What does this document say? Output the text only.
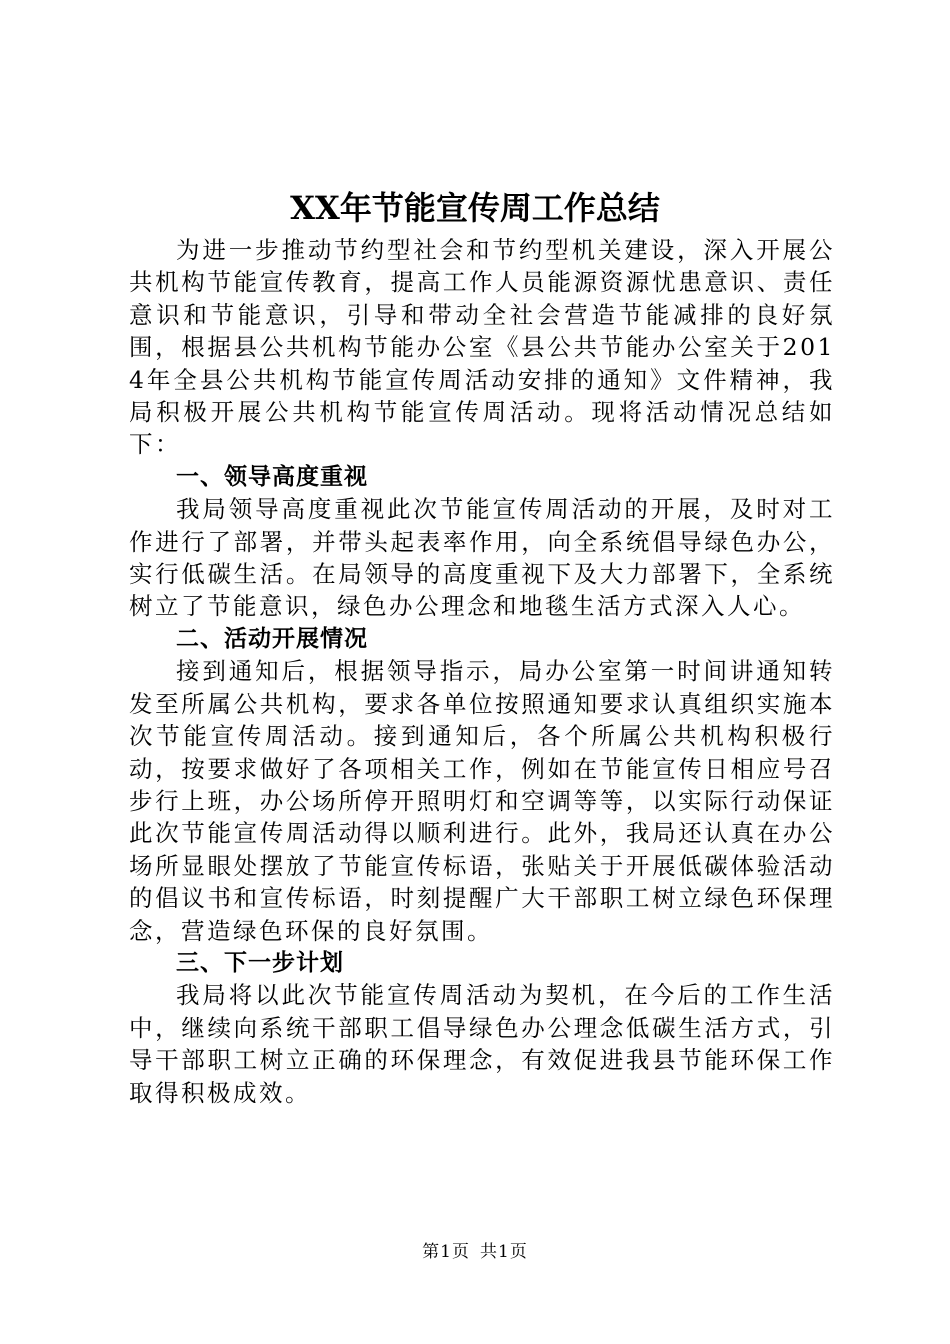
XX年节能宣传周工作总结

为进一步推动节约型社会和节约型机关建设，深入开展公共机构节能宣传教育，提高工作人员能源资源忧患意识、责任意识和节能意识，引导和带动全社会营造节能减排的良好氛围，根据县公共机构节能办公室《县公共节能办公室关于2014年全县公共机构节能宣传周活动安排的通知》文件精神，我局积极开展公共机构节能宣传周活动。现将活动情况总结如下：

一、领导高度重视

我局领导高度重视此次节能宣传周活动的开展，及时对工作进行了部署，并带头起表率作用，向全系统倡导绿色办公，实行低碳生活。在局领导的高度重视下及大力部署下，全系统树立了节能意识，绿色办公理念和地毯生活方式深入人心。

二、活动开展情况

接到通知后，根据领导指示，局办公室第一时间讲通知转发至所属公共机构，要求各单位按照通知要求认真组织实施本次节能宣传周活动。接到通知后，各个所属公共机构积极行动，按要求做好了各项相关工作，例如在节能宣传日相应号召步行上班，办公场所停开照明灯和空调等等，以实际行动保证此次节能宣传周活动得以顺利进行。此外，我局还认真在办公场所显眼处摆放了节能宣传标语，张贴关于开展低碳体验活动的倡议书和宣传标语，时刻提醒广大干部职工树立绿色环保理念，营造绿色环保的良好氛围。

三、下一步计划

我局将以此次节能宣传周活动为契机，在今后的工作生活中，继续向系统干部职工倡导绿色办公理念低碳生活方式，引导干部职工树立正确的环保理念，有效促进我县节能环保工作取得积极成效。

第1页 共1页
